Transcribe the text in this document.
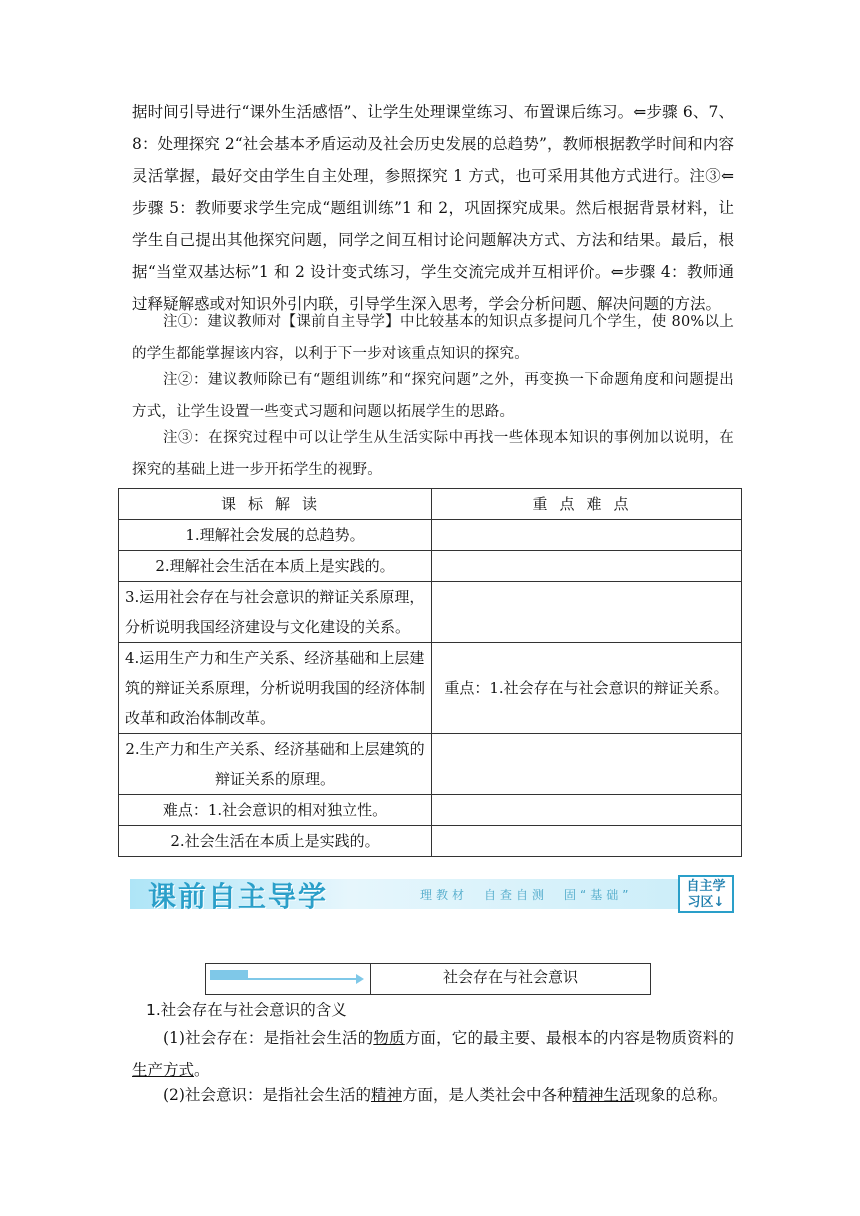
据时间引导进行“课外生活感悟”、让学生处理课堂练习、布置课后练习。⇐步骤 6、7、8：处理探究 2“社会基本矛盾运动及社会历史发展的总趋势”，教师根据教学时间和内容灵活掌握，最好交由学生自主处理，参照探究 1 方式，也可采用其他方式进行。注③⇐步骤 5：教师要求学生完成“题组训练”1 和 2，巩固探究成果。然后根据背景材料，让学生自己提出其他探究问题，同学之间互相讨论问题解决方式、方法和结果。最后，根据“当堂双基达标”1 和 2 设计变式练习，学生交流完成并互相评价。⇐步骤 4：教师通过释疑解惑或对知识外引内联，引导学生深入思考，学会分析问题、解决问题的方法。

注①：建议教师对【课前自主导学】中比较基本的知识点多提问几个学生，使 80%以上的学生都能掌握该内容，以利于下一步对该重点知识的探究。

注②：建议教师除已有“题组训练”和“探究问题”之外，再变换一下命题角度和问题提出方式，让学生设置一些变式习题和问题以拓展学生的思路。

注③：在探究过程中可以让学生从生活实际中再找一些体现本知识的事例加以说明，在探究的基础上进一步开拓学生的视野。

课标解读	重点难点
1.理解社会发展的总趋势。	
2.理解社会生活在本质上是实践的。	
3.运用社会存在与社会意识的辩证关系原理，分析说明我国经济建设与文化建设的关系。	
4.运用生产力和生产关系、经济基础和上层建筑的辩证关系原理，分析说明我国的经济体制改革和政治体制改革。	重点：1.社会存在与社会意识的辩证关系。
2.生产力和生产关系、经济基础和上层建筑的辩证关系的原理。	
难点：1.社会意识的相对独立性。	
2.社会生活在本质上是实践的。	
课前自主导学	理教材　自查自测　固“基础”
自主学
习区↓
社会存在与社会意识
1.社会存在与社会意识的含义

(1)社会存在：是指社会生活的物质方面，它的最主要、最根本的内容是物质资料的生产方式。

(2)社会意识：是指社会生活的精神方面，是人类社会中各种精神生活现象的总称。
